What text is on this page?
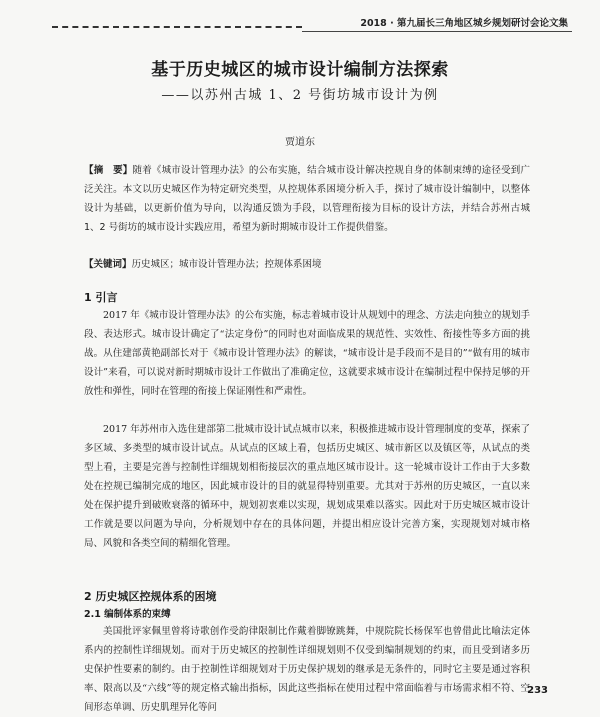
2018 · 第九届长三角地区城乡规划研讨会论文集
基于历史城区的城市设计编制方法探索
——以苏州古城 1、2 号街坊城市设计为例
贾道东
【摘　要】随着《城市设计管理办法》的公布实施，结合城市设计解决控规自身的体制束缚的途径受到广泛关注。本文以历史城区作为特定研究类型，从控规体系困境分析入手，探讨了城市设计编制中，以整体设计为基础，以更新价值为导向，以沟通反馈为手段，以管理衔接为目标的设计方法，并结合苏州古城 1、2 号街坊的城市设计实践应用，希望为新时期城市设计工作提供借鉴。
【关键词】历史城区；城市设计管理办法；控规体系困境
1 引言
2017 年《城市设计管理办法》的公布实施，标志着城市设计从规划中的理念、方法走向独立的规划手段、表达形式。城市设计确定了“法定身份”的同时也对面临成果的规范性、实效性、衔接性等多方面的挑战。从住建部黄艳副部长对于《城市设计管理办法》的解读，“城市设计是手段而不是目的”“做有用的城市设计”来看，可以说对新时期城市设计工作做出了准确定位，这就要求城市设计在编制过程中保持足够的开放性和弹性，同时在管理的衔接上保证刚性和严肃性。
2017 年苏州市入选住建部第二批城市设计试点城市以来，积极推进城市设计管理制度的变革，探索了多区域、多类型的城市设计试点。从试点的区域上看，包括历史城区、城市新区以及镇区等，从试点的类型上看，主要是完善与控制性详细规划相衔接层次的重点地区城市设计。这一轮城市设计工作由于大多数处在控规已编制完成的地区，因此城市设计的目的就显得特别重要。尤其对于苏州的历史城区，一直以来处在保护提升到破败衰落的循环中，规划初衷难以实现，规划成果难以落实。因此对于历史城区城市设计工作就是要以问题为导向，分析规划中存在的具体问题，并提出相应设计完善方案，实现规划对城市格局、风貌和各类空间的精细化管理。
2 历史城区控规体系的困境
2.1 编制体系的束缚
美国批评家佩里曾将诗歌创作受韵律限制比作戴着脚镣跳舞，中规院院长杨保军也曾借此比喻法定体系内的控制性详细规划。而对于历史城区的控制性详细规划则不仅受到编制规划的约束，而且受到诸多历史保护性要素的制约。由于控制性详细规划对于历史保护规划的继承是无条件的，同时它主要是通过容积率、限高以及“六线”等的规定格式输出指标，因此这些指标在使用过程中常面临着与市场需求相不符、空间形态单调、历史肌理异化等问
233
